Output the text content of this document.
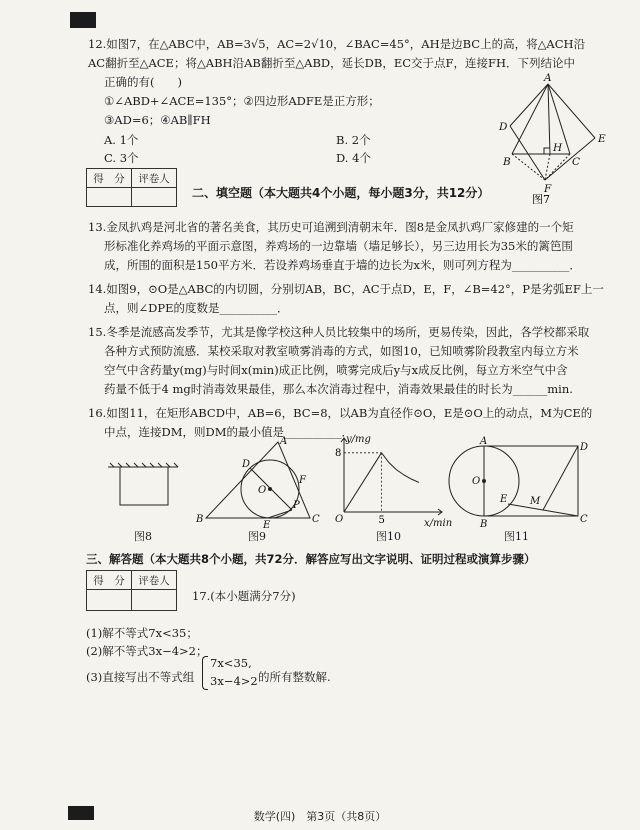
12.如图7，在△ABC中，AB=3√5，AC=2√10，∠BAC=45°，AH是边BC上的高，将△ACH沿
AC翻折至△ACE；将△ABH沿AB翻折至△ABD，延长DB，EC交于点F，连接FH．下列结论中
正确的有(　　)
①∠ABD+∠ACE=135°；②四边形ADFE是正方形；
③AD=6；④AB∥FH
A. 1个	B. 2个
C. 3个	D. 4个
A
D
E
B
H
C
F
图7
得　分	评卷人

二、填空题（本大题共4个小题，每小题3分，共12分）
13.金凤扒鸡是河北省的著名美食，其历史可追溯到清朝末年．图8是金凤扒鸡厂家修建的一个矩
形标准化养鸡场的平面示意图，养鸡场的一边靠墙（墙足够长），另三边用长为35米的篱笆围
成，所围的面积是150平方米．若设养鸡场垂直于墙的边长为x米，则可列方程为__________．
14.如图9，⊙O是△ABC的内切圆，分别切AB，BC，AC于点D，E，F，∠B=42°，P是劣弧EF上一
点，则∠DPE的度数是__________．
15.冬季是流感高发季节，尤其是像学校这种人员比较集中的场所，更易传染，因此，各学校都采取
各种方式预防流感．某校采取对教室喷雾消毒的方式，如图10，已知喷雾阶段教室内每立方米
空气中含药量y(mg)与时间x(min)成正比例，喷雾完成后y与x成反比例，每立方米空气中含
药量不低于4 mg时消毒效果最佳，那么本次消毒过程中，消毒效果最佳的时长为______min.
16.如图11，在矩形ABCD中，AB=6，BC=8，以AB为直径作⊙O，E是⊙O上的动点，M为CE的
中点，连接DM，则DM的最小值是__________．
图8
A
D
F
O
P
B
E
C
图9
y/mg
x/min
O
8
5
图10
A
D
O
E M
B	C
图11
三、解答题（本大题共8个小题，共72分．解答应写出文字说明、证明过程或演算步骤）
得　分	评卷人

17.(本小题满分7分)
(1)解不等式7x<35；
(2)解不等式3x−4>2；
(3)直接写出不等式组
7x<35,
3x−4>2 的所有整数解.
数学(四)　第3页（共8页）
